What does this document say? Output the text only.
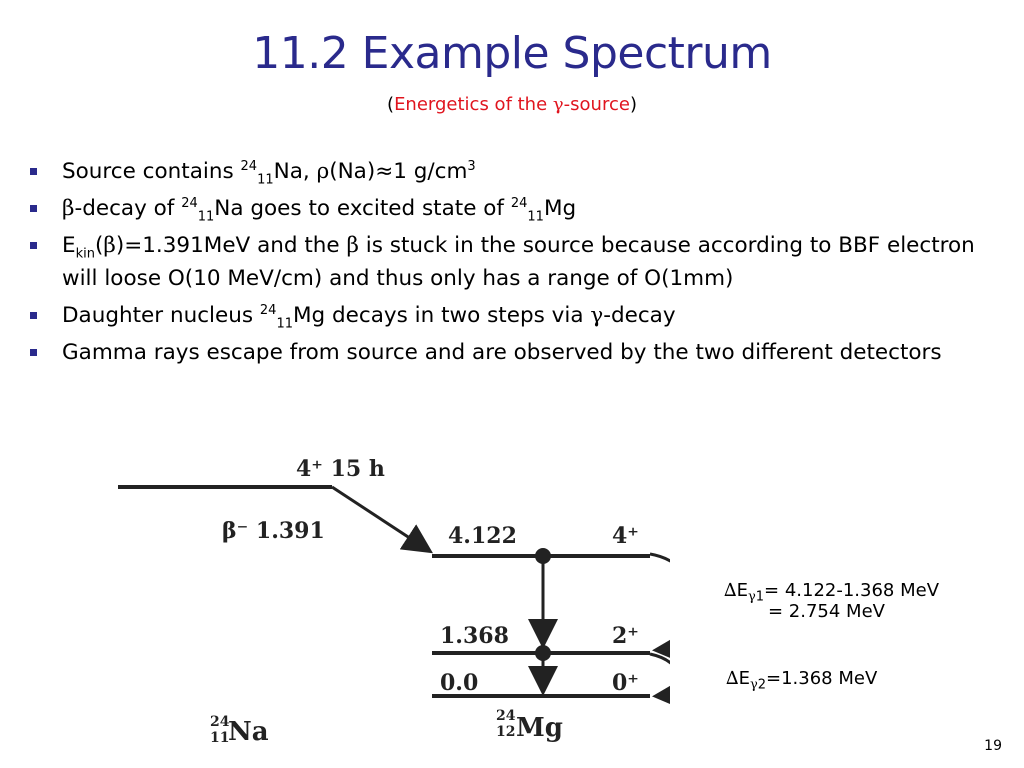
11.2 Example Spectrum
(Energetics of the γ-source)
Source contains $^{24}_{11}$Na, ρ(Na)≈1 $g/cm^3$
β-decay of $^{24}_{11}$Na goes to excited state of $^{24}_{11}$Mg
$E_{kin}(\beta)=1.391MeV$ and the β is stuck in the source because according to BBF electron will loose O(10 MeV/cm) and thus only has a range of O(1mm)
Daughter nucleus $^{24}_{11}$Mg decays in two steps via γ-decay
Gamma rays escape from source and are observed by the two different detectors
4⁺ 15 h
β⁻ 1.391	4.122	4⁺
1.368	2⁺
0.0	0⁺
24
11
Na
24
12 Mg
$\Delta E_{\gamma 1}= 4.122-1.368$ MeV
= 2.754 MeV
$\Delta E_{\gamma 2}=1.368$ MeV
19
